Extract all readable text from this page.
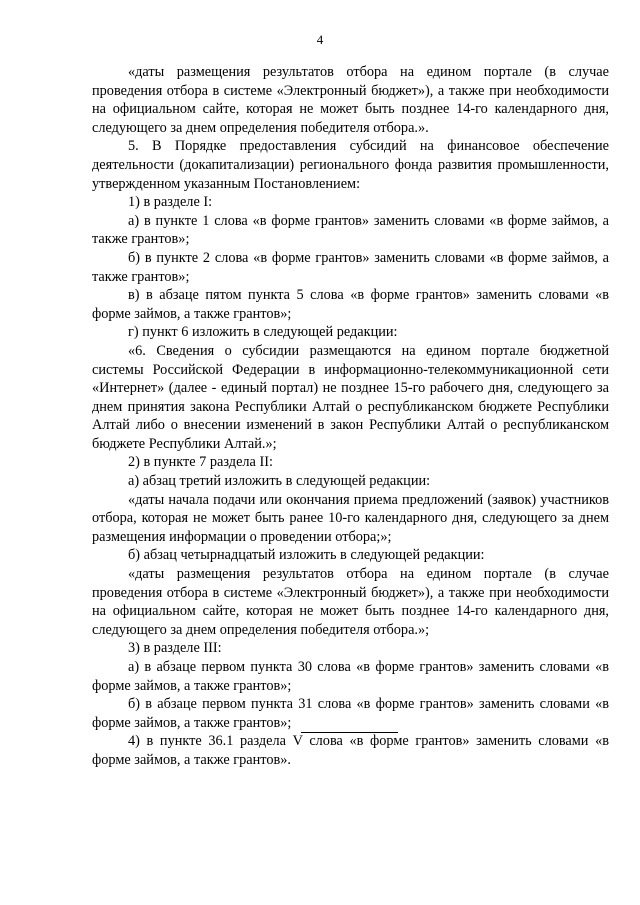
4

«даты размещения результатов отбора на едином портале (в случае проведения отбора в системе «Электронный бюджет»), а также при необходимости на официальном сайте, которая не может быть позднее 14-го календарного дня, следующего за днем определения победителя отбора.».

5. В Порядке предоставления субсидий на финансовое обеспечение деятельности (докапитализации) регионального фонда развития промышленности, утвержденном указанным Постановлением:

1) в разделе I:

а) в пункте 1 слова «в форме грантов» заменить словами «в форме займов, а также грантов»;

б) в пункте 2 слова «в форме грантов» заменить словами «в форме займов, а также грантов»;

в) в абзаце пятом пункта 5 слова «в форме грантов» заменить словами «в форме займов, а также грантов»;

г) пункт 6 изложить в следующей редакции:

«6. Сведения о субсидии размещаются на едином портале бюджетной системы Российской Федерации в информационно-телекоммуникационной сети «Интернет» (далее - единый портал) не позднее 15-го рабочего дня, следующего за днем принятия закона Республики Алтай о республиканском бюджете Республики Алтай либо о внесении изменений в закон Республики Алтай о республиканском бюджете Республики Алтай.»;

2) в пункте 7 раздела II:

а) абзац третий изложить в следующей редакции:

«даты начала подачи или окончания приема предложений (заявок) участников отбора, которая не может быть ранее 10-го календарного дня, следующего за днем размещения информации о проведении отбора;»;

б) абзац четырнадцатый изложить в следующей редакции:

«даты размещения результатов отбора на едином портале (в случае проведения отбора в системе «Электронный бюджет»), а также при необходимости на официальном сайте, которая не может быть позднее 14-го календарного дня, следующего за днем определения победителя отбора.»;

3) в разделе III:

а) в абзаце первом пункта 30 слова «в форме грантов» заменить словами «в форме займов, а также грантов»;

б) в абзаце первом пункта 31 слова «в форме грантов» заменить словами «в форме займов, а также грантов»;

4) в пункте 36.1 раздела V слова «в форме грантов» заменить словами «в форме займов, а также грантов».
